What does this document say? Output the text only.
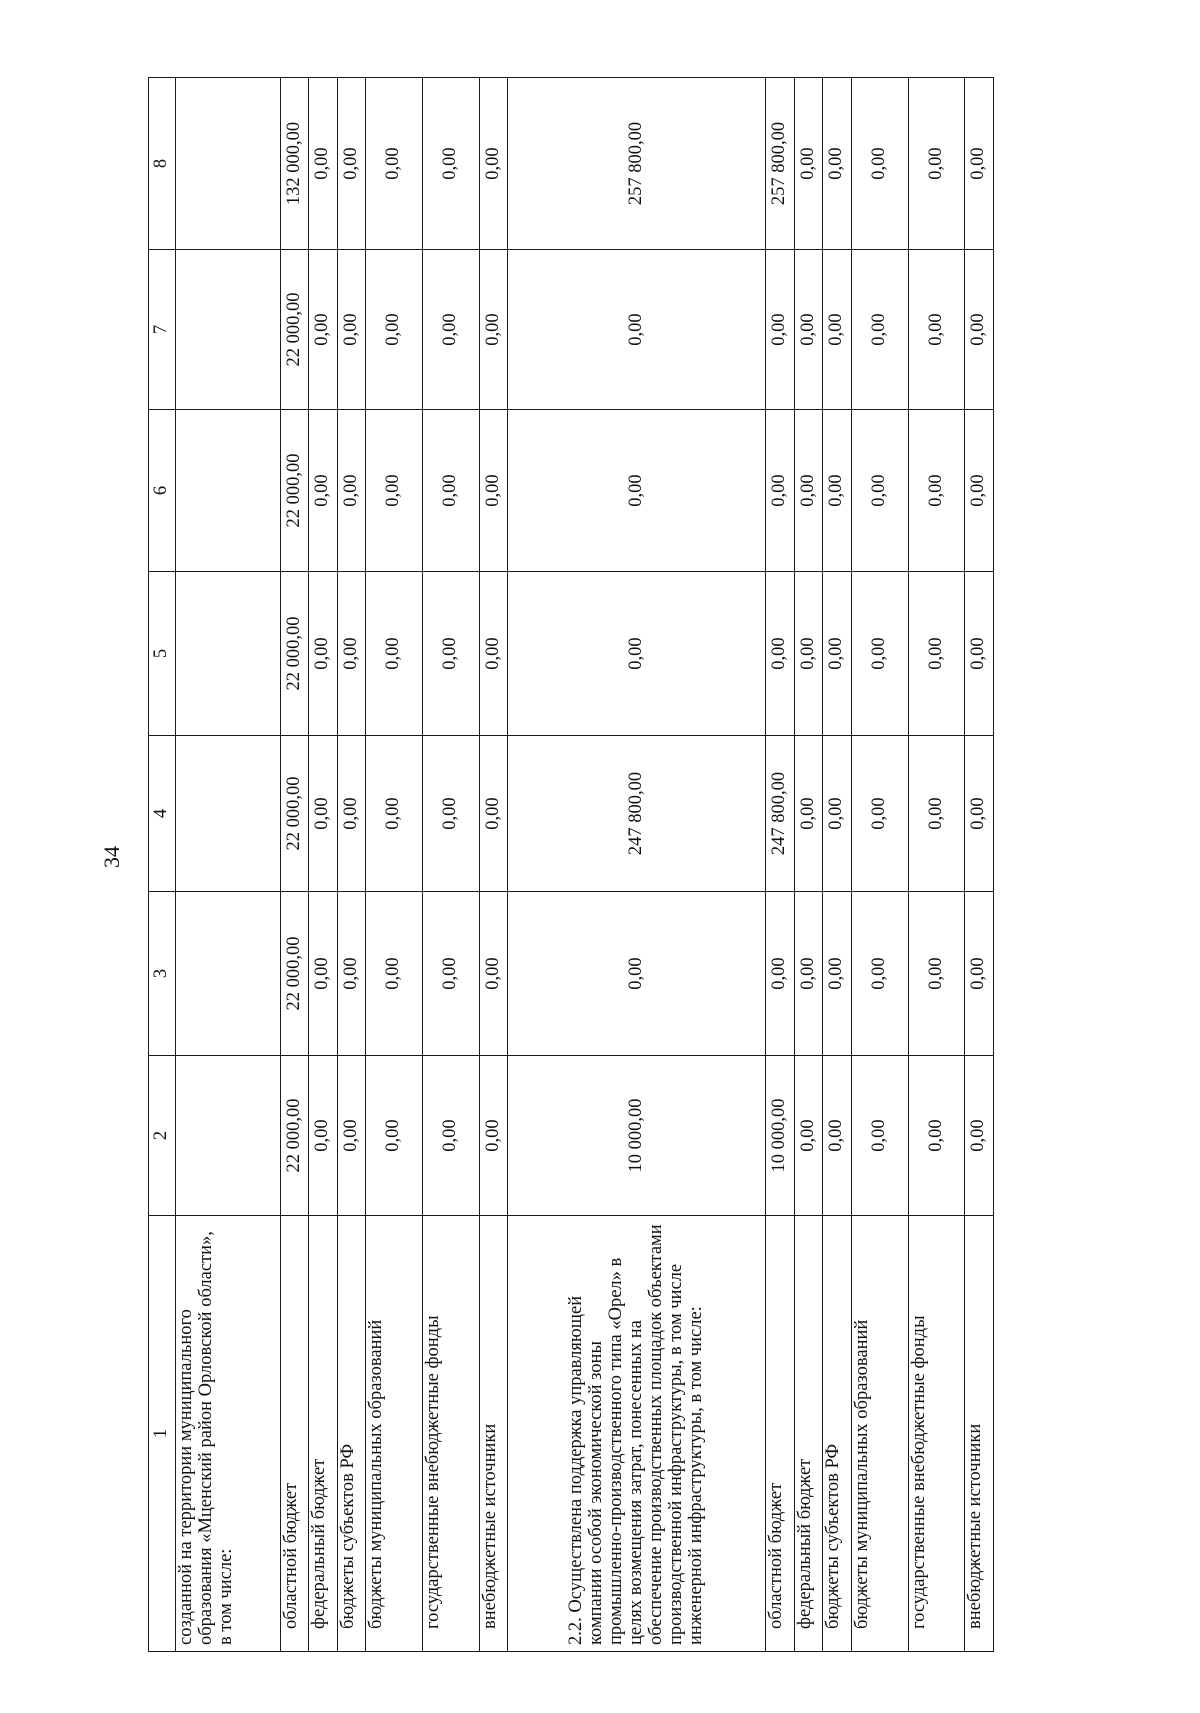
34
1	2	3	4	5	6	7	8
созданной на территории муниципального образования «Мценский район Орловской области», в том числе:							
областной бюджет	22 000,00	22 000,00	22 000,00	22 000,00	22 000,00	22 000,00	132 000,00
федеральный бюджет	0,00	0,00	0,00	0,00	0,00	0,00	0,00
бюджеты субъектов РФ	0,00	0,00	0,00	0,00	0,00	0,00	0,00
бюджеты муниципальных образований	0,00	0,00	0,00	0,00	0,00	0,00	0,00
государственные внебюджетные фонды	0,00	0,00	0,00	0,00	0,00	0,00	0,00
внебюджетные источники	0,00	0,00	0,00	0,00	0,00	0,00	0,00
2.2. Осуществлена поддержка управляющей компании особой экономической зоны промышленно-производственного типа «Орел» в целях возмещения затрат, понесенных на обеспечение производственных площадок объектами производственной инфраструктуры, в том числе инженерной инфраструктуры, в том числе:	10 000,00	0,00	247 800,00	0,00	0,00	0,00	257 800,00
областной бюджет	10 000,00	0,00	247 800,00	0,00	0,00	0,00	257 800,00
федеральный бюджет	0,00	0,00	0,00	0,00	0,00	0,00	0,00
бюджеты субъектов РФ	0,00	0,00	0,00	0,00	0,00	0,00	0,00
бюджеты муниципальных образований	0,00	0,00	0,00	0,00	0,00	0,00	0,00
государственные внебюджетные фонды	0,00	0,00	0,00	0,00	0,00	0,00	0,00
внебюджетные источники	0,00	0,00	0,00	0,00	0,00	0,00	0,00
